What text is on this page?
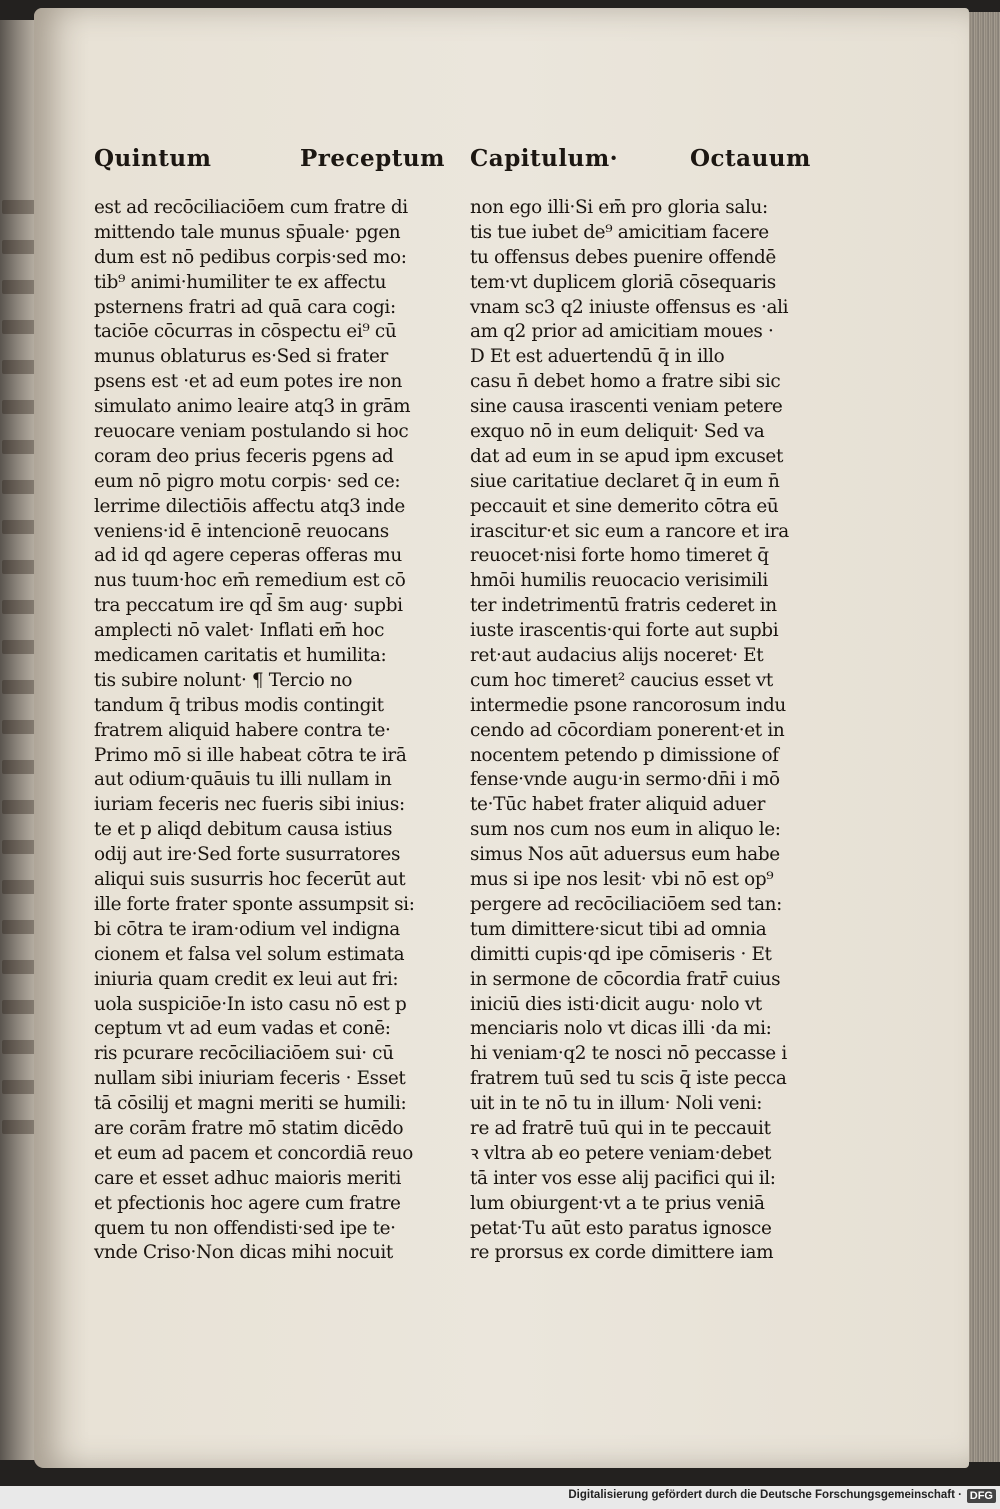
Quintum	Preceptum Capitulum·	Octauum
est ad recōciliaciōem cum fratre di
mittendo tale munus sp̄uale· pgen
dum est nō pedibus corpis·sed mo:
tib⁹ animi·humiliter te ex affectu
psternens fratri ad quā cara cogi:
taciōe cōcurras in cōspectu ei⁹ cū
munus oblaturus es·Sed si frater
psens est ·et ad eum potes ire non
simulato animo leaire atq3 in grām
reuocare veniam postulando si hoc
coram deo prius feceris pgens ad
eum nō pigro motu corpis· sed ce:
lerrime dilectiōis affectu atq3 inde
veniens·id ē intencionē reuocans
ad id qd agere ceperas offeras mu
nus tuum·hoc em̄ remedium est cō
tra peccatum ire qd̄ s̄m aug· supbi
amplecti nō valet· Inflati em̄ hoc
medicamen caritatis et humilita:
tis subire nolunt· ¶ Tercio no
tandum q̄ tribus modis contingit
fratrem aliquid habere contra te·
Primo mō si ille habeat cōtra te irā
aut odium·quāuis tu illi nullam in
iuriam feceris nec fueris sibi inius:
te et p aliqd debitum causa istius
odij aut ire·Sed forte susurratores
aliqui suis susurris hoc fecerūt aut
ille forte frater sponte assumpsit si:
bi cōtra te iram·odium vel indigna
cionem et falsa vel solum estimata
iniuria quam credit ex leui aut fri:
uola suspiciōe·In isto casu nō est p
ceptum vt ad eum vadas et conē:
ris pcurare recōciliaciōem sui· cū
nullam sibi iniuriam feceris · Esset
tā cōsilij et magni meriti se humili:
are corām fratre mō statim dicēdo
et eum ad pacem et concordiā reuo
care et esset adhuc maioris meriti
et pfectionis hoc agere cum fratre
quem tu non offendisti·sed ipe te·
vnde Criso·Non dicas mihi nocuit
non ego illi·Si em̄ pro gloria salu:
tis tue iubet de⁹ amicitiam facere
tu offensus debes puenire offendē
tem·vt duplicem gloriā cōsequaris
vnam sc3 q2 iniuste offensus es ·ali
am q2 prior ad amicitiam moues ·
D Et est aduertendū q̄ in illo
casu n̄ debet homo a fratre sibi sic
sine causa irascenti veniam petere
exquo nō in eum deliquit· Sed va
dat ad eum in se apud ipm excuset
siue caritatiue declaret q̄ in eum n̄
peccauit et sine demerito cōtra eū
irascitur·et sic eum a rancore et ira
reuocet·nisi forte homo timeret q̄
hmōi humilis reuocacio verisimili
ter indetrimentū fratris cederet in
iuste irascentis·qui forte aut supbi
ret·aut audacius alijs noceret· Et
cum hoc timeret² caucius esset vt
intermedie psone rancorosum indu
cendo ad cōcordiam ponerent·et in
nocentem petendo p dimissione of
fense·vnde augu·in sermo·dn̄i i mō
te·Tūc habet frater aliquid aduer
sum nos cum nos eum in aliquo le:
simus Nos aūt aduersus eum habe
mus si ipe nos lesit· vbi nō est op⁹
pergere ad recōciliaciōem sed tan:
tum dimittere·sicut tibi ad omnia
dimitti cupis·qd ipe cōmiseris · Et
in sermone de cōcordia fratr̄ cuius
iniciū dies isti·dicit augu· nolo vt
menciaris nolo vt dicas illi ·da mi:
hi veniam·q2 te nosci nō peccasse i
fratrem tuū sed tu scis q̄ iste pecca
uit in te nō tu in illum· Noli veni:
re ad fratrē tuū qui in te peccauit
ꝛ vltra ab eo petere veniam·debet
tā inter vos esse alij pacifici qui il:
lum obiurgent·vt a te prius veniā
petat·Tu aūt esto paratus ignosce
re prorsus ex corde dimittere iam
Digitalisierung gefördert durch die Deutsche Forschungsgemeinschaft · DFG
